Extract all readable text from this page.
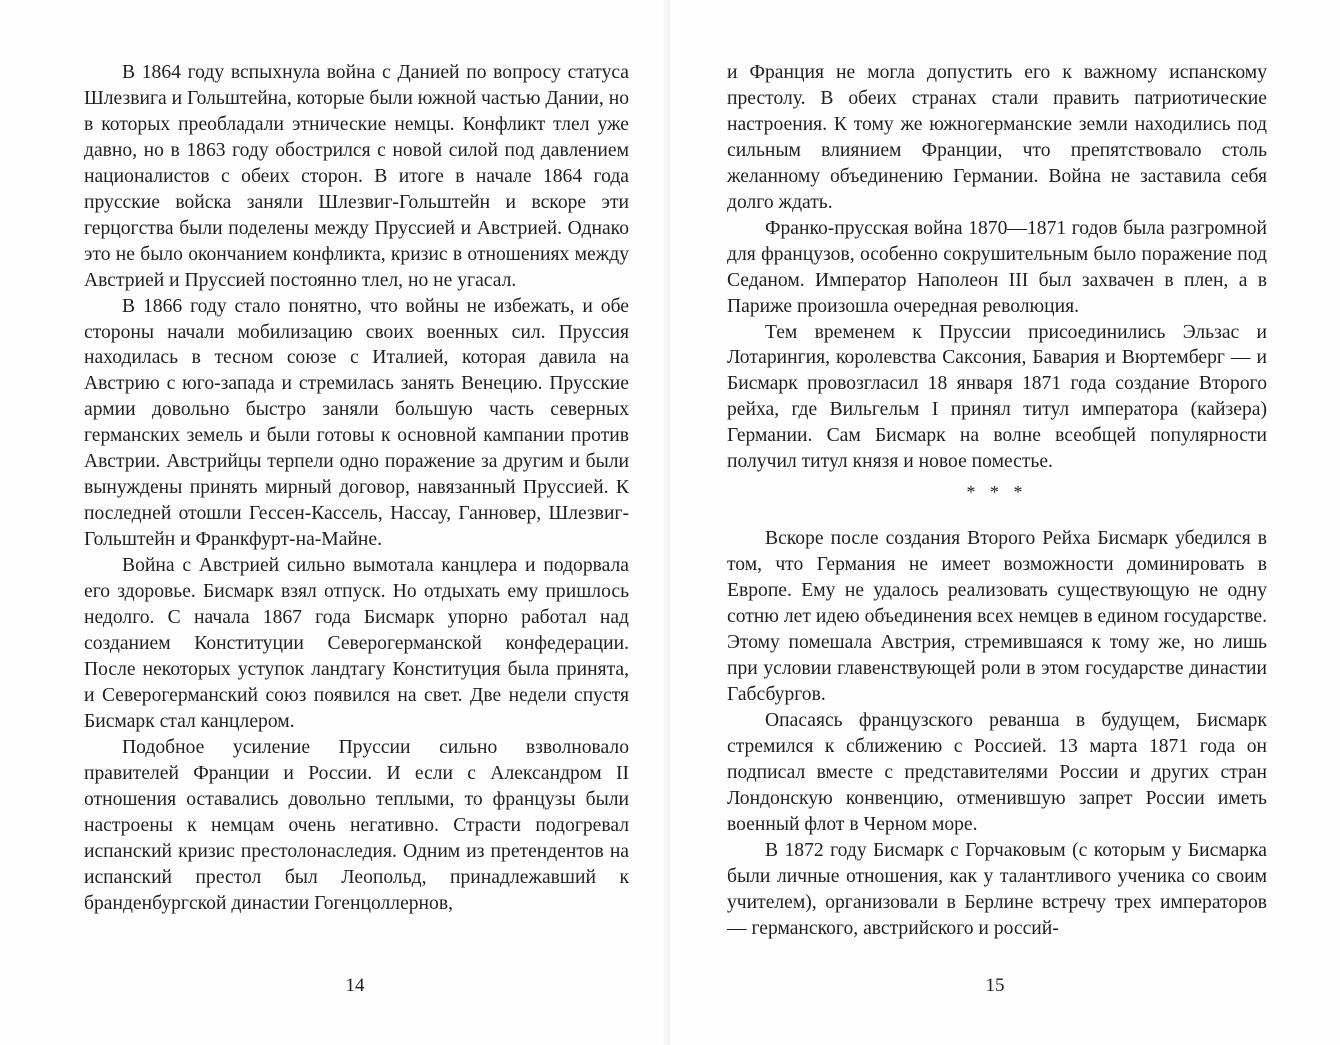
В 1864 году вспыхнула война с Данией по вопросу статуса Шлезвига и Гольштейна, которые были южной частью Дании, но в которых преобладали этнические немцы. Конфликт тлел уже давно, но в 1863 году обострился с новой силой под давлением националистов с обеих сторон. В итоге в начале 1864 года прусские войска заняли Шлезвиг-Гольштейн и вскоре эти герцогства были поделены между Пруссией и Австрией. Однако это не было окончанием конфликта, кризис в отношениях между Австрией и Пруссией постоянно тлел, но не угасал.

В 1866 году стало понятно, что войны не избежать, и обе стороны начали мобилизацию своих военных сил. Пруссия находилась в тесном союзе с Италией, которая давила на Австрию с юго-запада и стремилась занять Венецию. Прусские армии довольно быстро заняли большую часть северных германских земель и были готовы к основной кампании против Австрии. Австрийцы терпели одно поражение за другим и были вынуждены принять мирный договор, навязанный Пруссией. К последней отошли Гессен-Кассель, Нассау, Ганновер, Шлезвиг-Гольштейн и Франкфурт-на-Майне.

Война с Австрией сильно вымотала канцлера и подорвала его здоровье. Бисмарк взял отпуск. Но отдыхать ему пришлось недолго. С начала 1867 года Бисмарк упорно работал над созданием Конституции Северогерманской конфедерации. После некоторых уступок ландтагу Конституция была принята, и Северогерманский союз появился на свет. Две недели спустя Бисмарк стал канцлером.

Подобное усиление Пруссии сильно взволновало правителей Франции и России. И если с Александром II отношения оставались довольно теплыми, то французы были настроены к немцам очень негативно. Страсти подогревал испанский кризис престолонаследия. Одним из претендентов на испанский престол был Леопольд, принадлежавший к бранденбургской династии Гогенцоллернов,

14

и Франция не могла допустить его к важному испанскому престолу. В обеих странах стали править патриотические настроения. К тому же южногерманские земли находились под сильным влиянием Франции, что препятствовало столь желанному объединению Германии. Война не заставила себя долго ждать.

Франко-прусская война 1870—1871 годов была разгромной для французов, особенно сокрушительным было поражение под Седаном. Император Наполеон III был захвачен в плен, а в Париже произошла очередная революция.

Тем временем к Пруссии присоединились Эльзас и Лотарингия, королевства Саксония, Бавария и Вюртемберг — и Бисмарк провозгласил 18 января 1871 года создание Второго рейха, где Вильгельм I принял титул императора (кайзера) Германии. Сам Бисмарк на волне всеобщей популярности получил титул князя и новое поместье.

* * *

Вскоре после создания Второго Рейха Бисмарк убедился в том, что Германия не имеет возможности доминировать в Европе. Ему не удалось реализовать существующую не одну сотню лет идею объединения всех немцев в едином государстве. Этому помешала Австрия, стремившаяся к тому же, но лишь при условии главенствующей роли в этом государстве династии Габсбургов.

Опасаясь французского реванша в будущем, Бисмарк стремился к сближению с Россией. 13 марта 1871 года он подписал вместе с представителями России и других стран Лондонскую конвенцию, отменившую запрет России иметь военный флот в Черном море.

В 1872 году Бисмарк с Горчаковым (с которым у Бисмарка были личные отношения, как у талантливого ученика со своим учителем), организовали в Берлине встречу трех императоров — германского, австрийского и россий-

15
